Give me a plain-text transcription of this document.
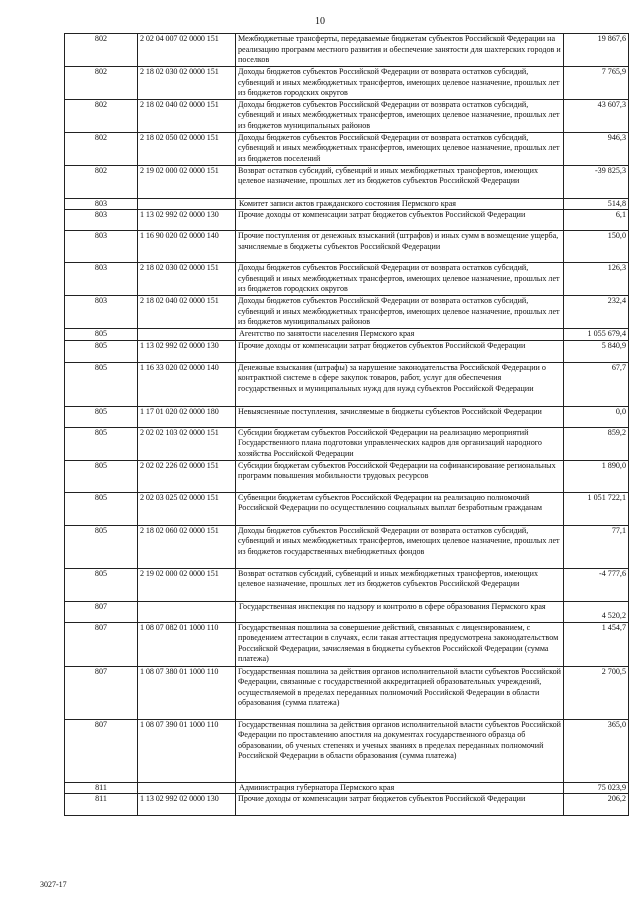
10
802	2 02 04 007 02 0000 151	Межбюджетные трансферты, передаваемые бюджетам субъектов Российской Федерации на реализацию программ местного развития и обеспечение занятости для шахтерских городов и поселков	19 867,6
802	2 18 02 030 02 0000 151	Доходы бюджетов субъектов Российской Федерации от возврата остатков субсидий, субвенций и иных межбюджетных трансфертов, имеющих целевое назначение, прошлых лет из бюджетов городских округов	7 765,9
802	2 18 02 040 02 0000 151	Доходы бюджетов субъектов Российской Федерации от возврата остатков субсидий, субвенций и иных межбюджетных трансфертов, имеющих целевое назначение, прошлых лет из бюджетов муниципальных районов	43 607,3
802	2 18 02 050 02 0000 151	Доходы бюджетов субъектов Российской Федерации от возврата остатков субсидий, субвенций и иных межбюджетных трансфертов, имеющих целевое назначение, прошлых лет из бюджетов поселений	946,3
802	2 19 02 000 02 0000 151	Возврат остатков субсидий, субвенций и иных межбюджетных трансфертов, имеющих целевое назначение, прошлых лет из бюджетов субъектов Российской Федерации	-39 825,3
803		Комитет записи актов гражданского состояния Пермского края	514,8
803	1 13 02 992 02 0000 130	Прочие доходы от компенсации затрат бюджетов субъектов Российской Федерации	6,1
803	1 16 90 020 02 0000 140	Прочие поступления от денежных взысканий (штрафов) и иных сумм в возмещение ущерба, зачисляемые в бюджеты субъектов Российской Федерации	150,0
803	2 18 02 030 02 0000 151	Доходы бюджетов субъектов Российской Федерации от возврата остатков субсидий, субвенций и иных межбюджетных трансфертов, имеющих целевое назначение, прошлых лет из бюджетов городских округов	126,3
803	2 18 02 040 02 0000 151	Доходы бюджетов субъектов Российской Федерации от возврата остатков субсидий, субвенций и иных межбюджетных трансфертов, имеющих целевое назначение, прошлых лет из бюджетов муниципальных районов	232,4
805		Агентство по занятости населения Пермского края	1 055 679,4
805	1 13 02 992 02 0000 130	Прочие доходы от компенсации затрат бюджетов субъектов Российской Федерации	5 840,9
805	1 16 33 020 02 0000 140	Денежные взыскания (штрафы) за нарушение законодательства Российской Федерации о контрактной системе в сфере закупок товаров, работ, услуг для обеспечения государственных и муниципальных нужд для нужд субъектов Российской Федерации	67,7
805	1 17 01 020 02 0000 180	Невыясненные поступления, зачисляемые в бюджеты субъектов Российской Федерации	0,0
805	2 02 02 103 02 0000 151	Субсидии бюджетам субъектов Российской Федерации на реализацию мероприятий Государственного плана подготовки управленческих кадров для организаций народного хозяйства Российской Федерации	859,2
805	2 02 02 226 02 0000 151	Субсидии бюджетам субъектов Российской Федерации на софинансирование региональных программ повышения мобильности трудовых ресурсов	1 890,0
805	2 02 03 025 02 0000 151	Субвенции бюджетам субъектов Российской Федерации на реализацию полномочий Российской Федерации по осуществлению социальных выплат безработным гражданам	1 051 722,1
805	2 18 02 060 02 0000 151	Доходы бюджетов субъектов Российской Федерации от возврата остатков субсидий, субвенций и иных межбюджетных трансфертов, имеющих целевое назначение, прошлых лет из бюджетов государственных внебюджетных фондов	77,1
805	2 19 02 000 02 0000 151	Возврат остатков субсидий, субвенций и иных межбюджетных трансфертов, имеющих целевое назначение, прошлых лет из бюджетов субъектов Российской Федерации	-4 777,6
807		Государственная инспекция по надзору и контролю в сфере образования Пермского края	4 520,2
807	1 08 07 082 01 1000 110	Государственная пошлина за совершение действий, связанных с лицензированием, с проведением аттестации в случаях, если такая аттестация предусмотрена законодательством Российской Федерации, зачисляемая в бюджеты субъектов Российской Федерации (сумма платежа)	1 454,7
807	1 08 07 380 01 1000 110	Государственная пошлина за действия органов исполнительной власти субъектов Российской Федерации, связанные с государственной аккредитацией образовательных учреждений, осуществляемой в пределах переданных полномочий Российской Федерации в области образования (сумма платежа)	2 700,5
807	1 08 07 390 01 1000 110	Государственная пошлина за действия органов исполнительной власти субъектов Российской Федерации по проставлению апостиля на документах государственного образца об образовании, об ученых степенях и ученых званиях в пределах переданных полномочий Российской Федерации в области образования (сумма платежа)	365,0
811		Администрация губернатора Пермского края	75 023,9
811	1 13 02 992 02 0000 130	Прочие доходы от компенсации затрат бюджетов субъектов Российской Федерации	206,2
3027-17
